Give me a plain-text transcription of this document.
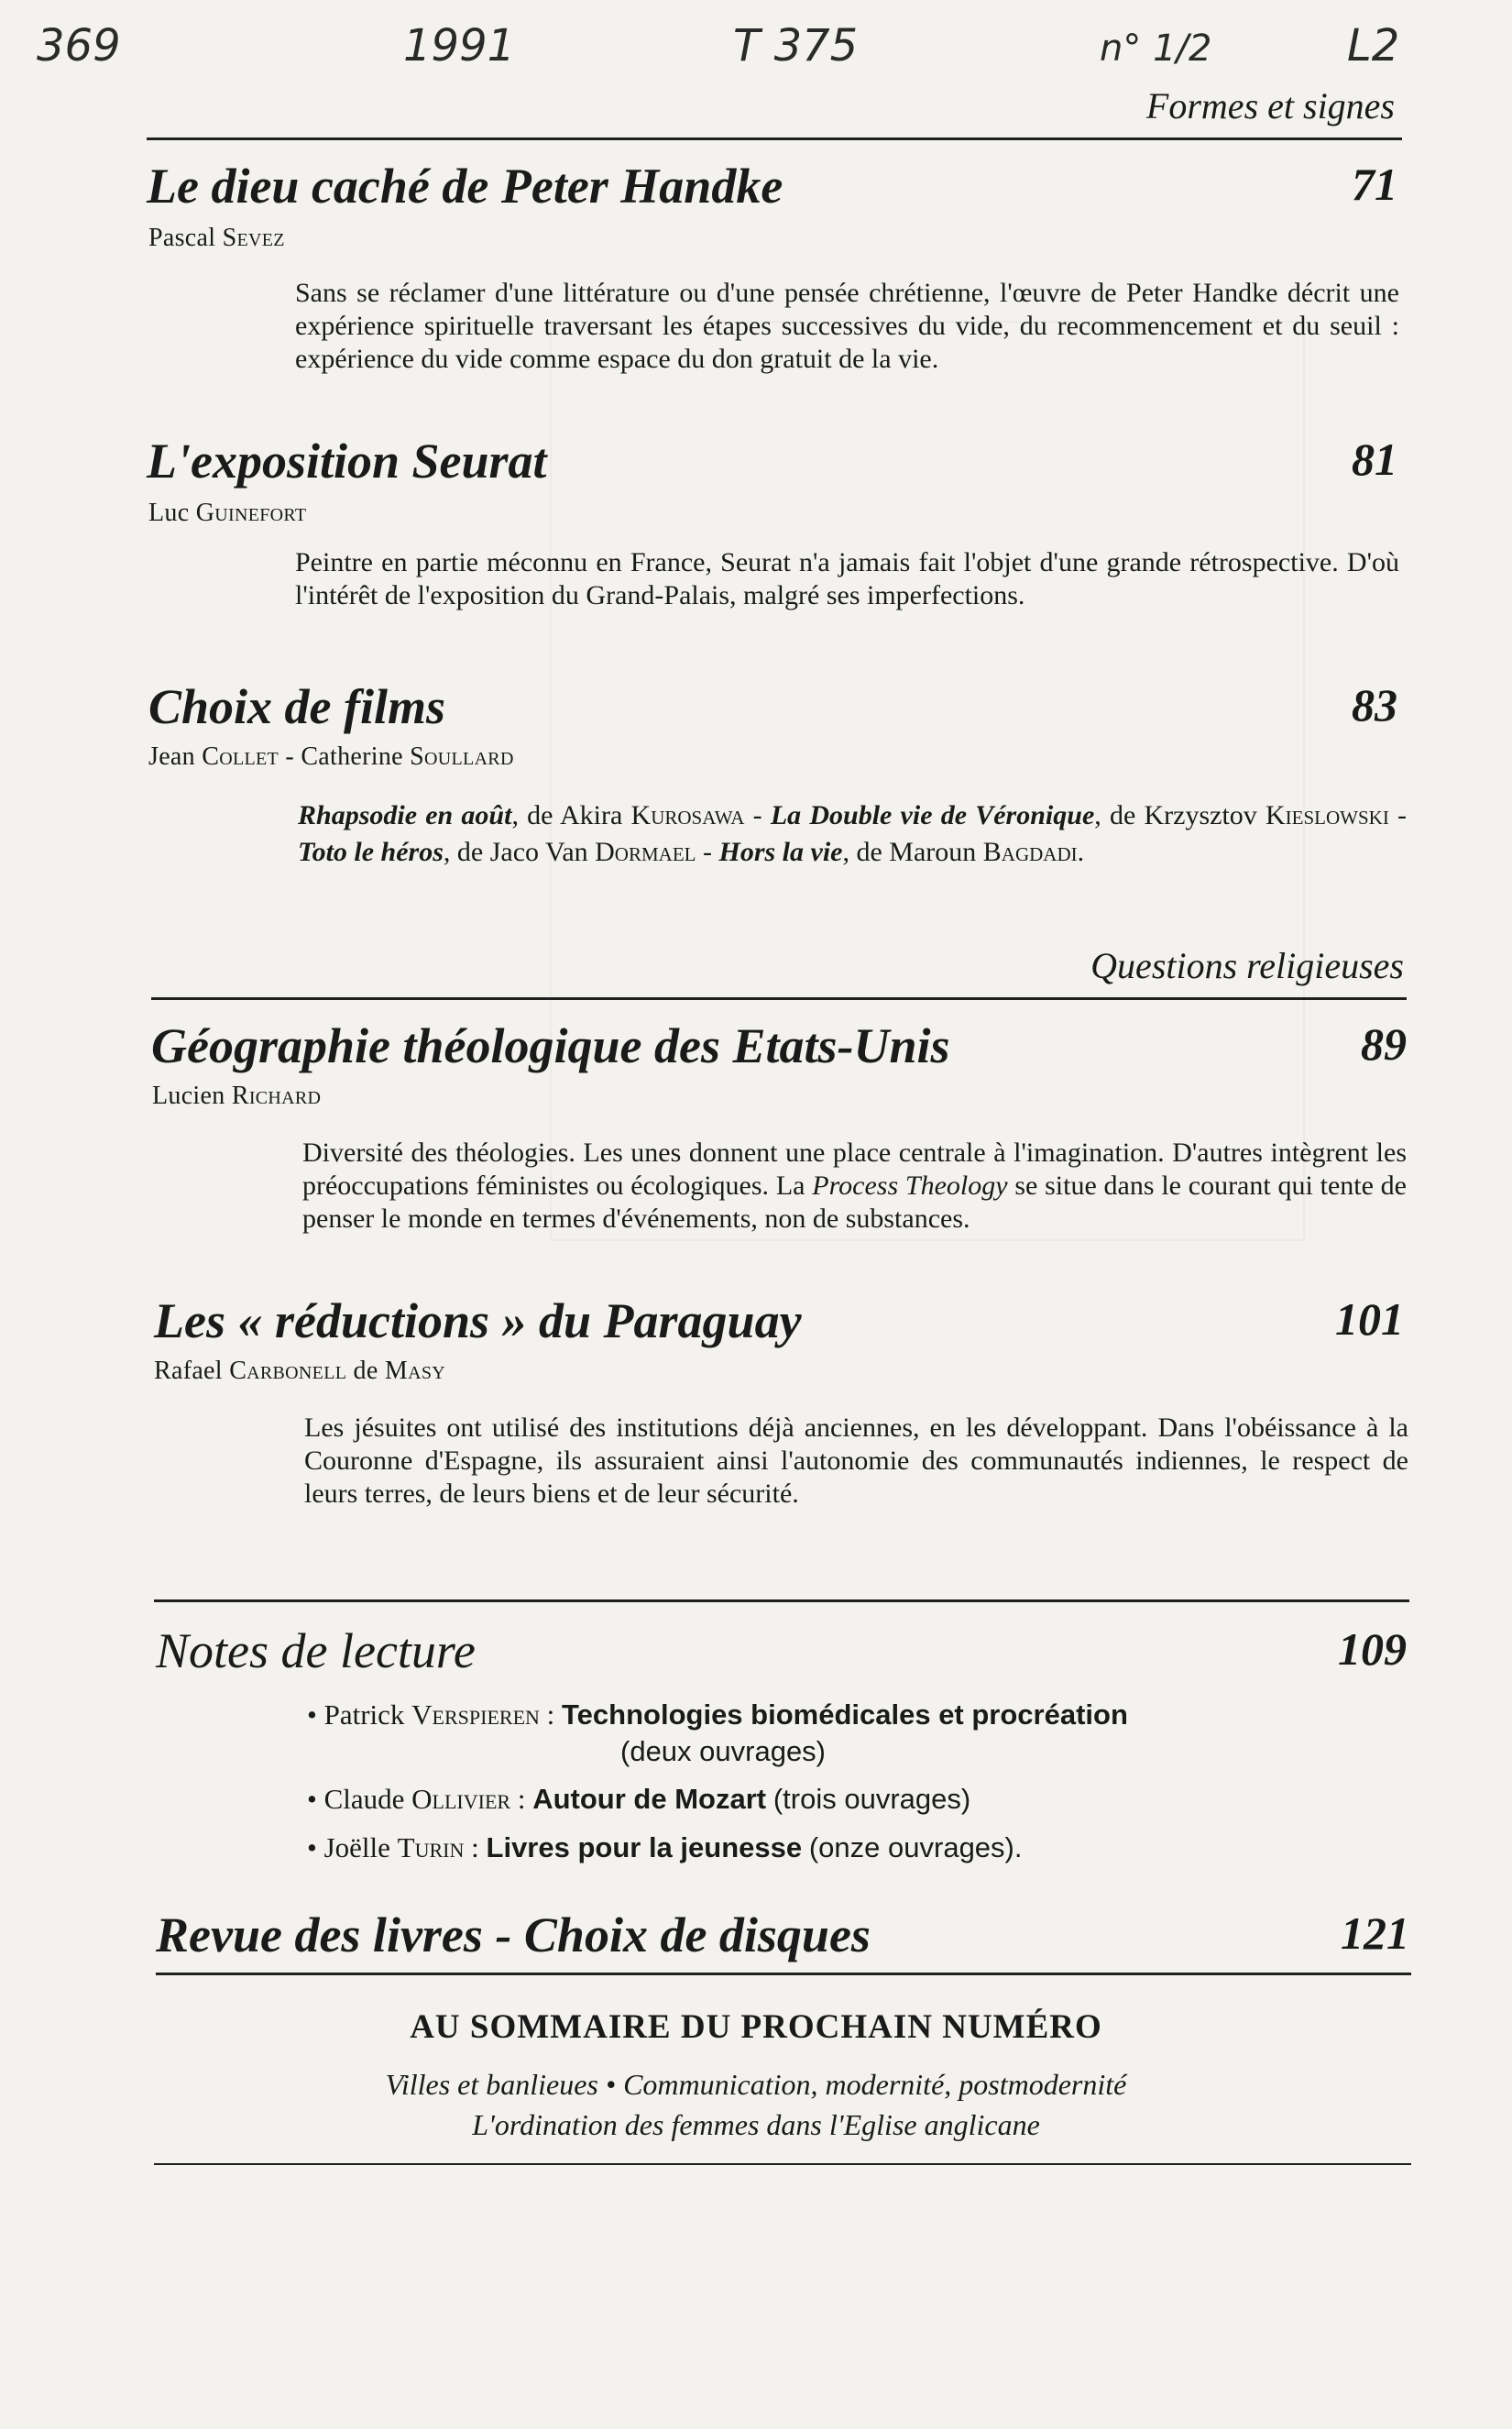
369	1991	T 375	n° 1/2	L2
Formes et signes
Le dieu caché de Peter Handke	71
Pascal Sevez
Sans se réclamer d'une littérature ou d'une pensée chrétienne, l'œuvre de Peter Handke décrit une expérience spirituelle traversant les étapes successives du vide, du recommencement et du seuil : expérience du vide comme espace du don gratuit de la vie.
L'exposition Seurat	81
Luc Guinefort
Peintre en partie méconnu en France, Seurat n'a jamais fait l'objet d'une grande rétrospective. D'où l'intérêt de l'exposition du Grand-Palais, malgré ses imperfections.
Choix de films	83
Jean Collet - Catherine Soullard
Rhapsodie en août, de Akira Kurosawa - La Double vie de Véronique, de Krzysztov Kieslowski - Toto le héros, de Jaco Van Dormael - Hors la vie, de Maroun Bagdadi.
Questions religieuses
Géographie théologique des Etats-Unis	89
Lucien Richard
Diversité des théologies. Les unes donnent une place centrale à l'imagination. D'autres intègrent les préoccupations féministes ou écologiques. La Process Theology se situe dans le courant qui tente de penser le monde en termes d'événements, non de substances.
Les « réductions » du Paraguay	101
Rafael Carbonell de Masy
Les jésuites ont utilisé des institutions déjà anciennes, en les développant. Dans l'obéissance à la Couronne d'Espagne, ils assuraient ainsi l'autonomie des communautés indiennes, le respect de leurs terres, de leurs biens et de leur sécurité.
Notes de lecture	109
• Patrick Verspieren : Technologies biomédicales et procréation
(deux ouvrages)
• Claude Ollivier : Autour de Mozart (trois ouvrages)
• Joëlle Turin : Livres pour la jeunesse (onze ouvrages).
Revue des livres - Choix de disques	121
AU SOMMAIRE DU PROCHAIN NUMÉRO
Villes et banlieues • Communication, modernité, postmodernité
L'ordination des femmes dans l'Eglise anglicane
